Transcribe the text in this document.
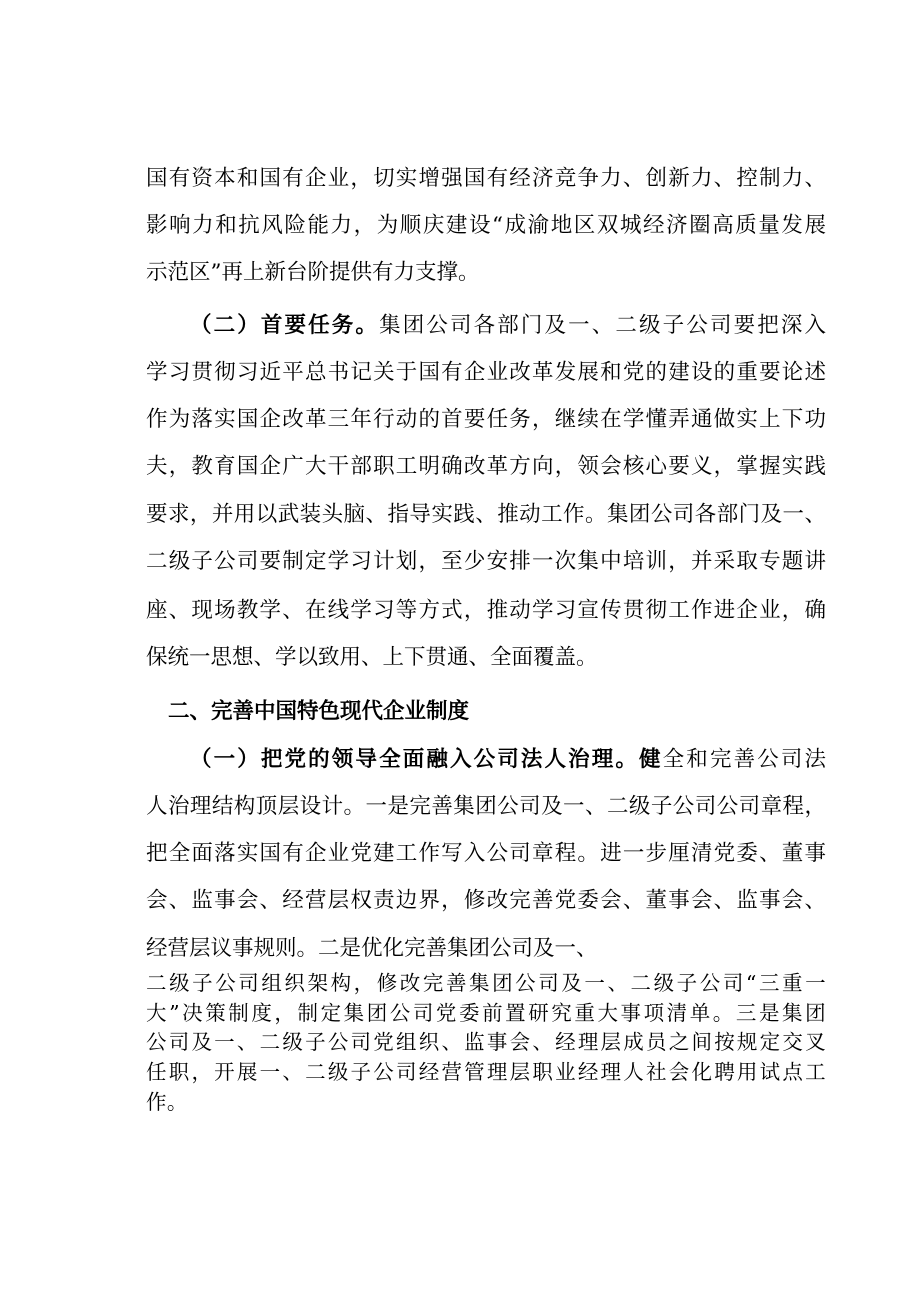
国有资本和国有企业，切实增强国有经济竞争力、创新力、控制力、

影响力和抗风险能力，为顺庆建设“成渝地区双城经济圈高质量发展

示范区”再上新台阶提供有力支撑。

（二）首要任务。集团公司各部门及一、二级子公司要把深入

学习贯彻习近平总书记关于国有企业改革发展和党的建设的重要论述

作为落实国企改革三年行动的首要任务，继续在学懂弄通做实上下功

夫，教育国企广大干部职工明确改革方向，领会核心要义，掌握实践

要求，并用以武装头脑、指导实践、推动工作。集团公司各部门及一、

二级子公司要制定学习计划，至少安排一次集中培训，并采取专题讲

座、现场教学、在线学习等方式，推动学习宣传贯彻工作进企业，确

保统一思想、学以致用、上下贯通、全面覆盖。

二、完善中国特色现代企业制度

（一）把党的领导全面融入公司法人治理。健全和完善公司法

人治理结构顶层设计。一是完善集团公司及一、二级子公司公司章程，

把全面落实国有企业党建工作写入公司章程。进一步厘清党委、董事

会、监事会、经营层权责边界，修改完善党委会、董事会、监事会、

经营层议事规则。二是优化完善集团公司及一、

二级子公司组织架构，修改完善集团公司及一、二级子公司“三重一

大”决策制度，制定集团公司党委前置研究重大事项清单。三是集团

公司及一、二级子公司党组织、监事会、经理层成员之间按规定交叉

任职，开展一、二级子公司经营管理层职业经理人社会化聘用试点工

作。
